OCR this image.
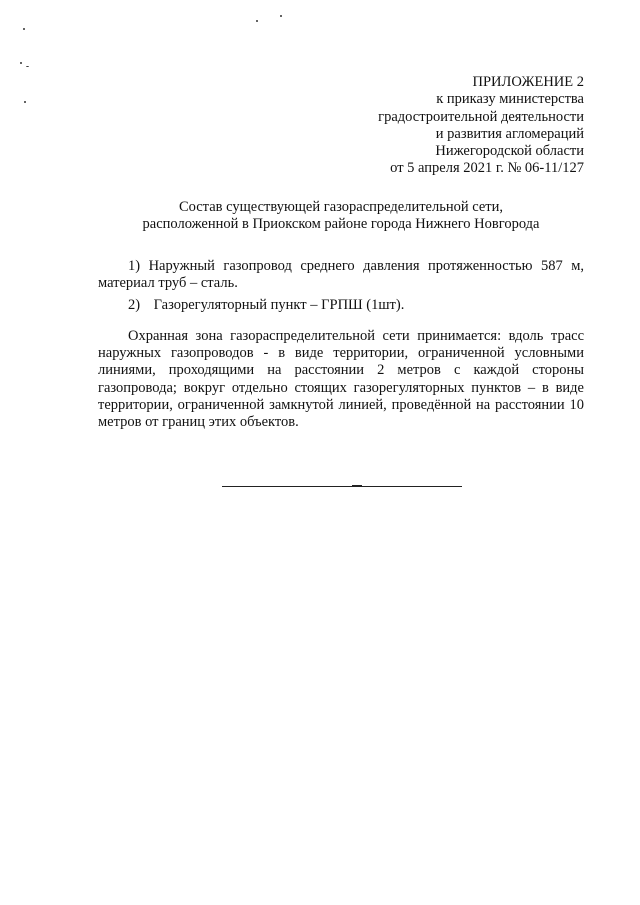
ПРИЛОЖЕНИЕ 2
к приказу министерства
градостроительной деятельности
и развития агломераций
Нижегородской области
от 5 апреля 2021 г. № 06-11/127
Состав существующей газораспределительной сети,
расположенной в Приокском районе города Нижнего Новгорода

1) Наружный газопровод среднего давления протяженностью 587 м, материал труб – сталь.

2) Газорегуляторный пункт – ГРПШ (1шт).

Охранная зона газораспределительной сети принимается: вдоль трасс наружных газопроводов - в виде территории, ограниченной условными линиями, проходящими на расстоянии 2 метров с каждой стороны газопровода; вокруг отдельно стоящих газорегуляторных пунктов – в виде территории, ограниченной замкнутой линией, проведённой на расстоянии 10 метров от границ этих объектов.
